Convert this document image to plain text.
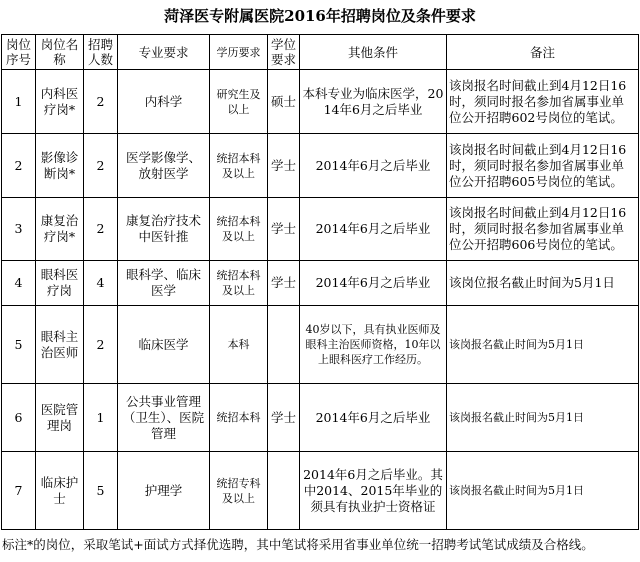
菏泽医专附属医院2016年招聘岗位及条件要求
岗位序号	岗位名称	招聘人数	专业要求	学历要求	学位要求	其他条件	备注
1	内科医疗岗*	2	内科学	研究生及以上	硕士	本科专业为临床医学，2014年6月之后毕业	该岗报名时间截止到4月12日16时，须同时报名参加省属事业单位公开招聘602号岗位的笔试。
2	影像诊断岗*	2	医学影像学、放射医学	统招本科及以上	学士	2014年6月之后毕业	该岗报名时间截止到4月12日16时，须同时报名参加省属事业单位公开招聘605号岗位的笔试。
3	康复治疗岗*	2	康复治疗技术中医针推	统招本科及以上	学士	2014年6月之后毕业	该岗报名时间截止到4月12日16时，须同时报名参加省属事业单位公开招聘606号岗位的笔试。
4	眼科医疗岗	4	眼科学、临床医学	统招本科及以上	学士	2014年6月之后毕业	该岗位报名截止时间为5月1日
5	眼科主治医师	2	临床医学	本科		40岁以下，具有执业医师及眼科主治医师资格，10年以上眼科医疗工作经历。	该岗报名截止时间为5月1日
6	医院管理岗	1	公共事业管理（卫生）、医院管理	统招本科	学士	2014年6月之后毕业	该岗报名截止时间为5月1日
7	临床护士	5	护理学	统招专科及以上		2014年6月之后毕业。其中2014、2015年毕业的须具有执业护士资格证	该岗报名截止时间为5月1日
标注*的岗位，采取笔试+面试方式择优选聘，其中笔试将采用省事业单位统一招聘考试笔试成绩及合格线。
